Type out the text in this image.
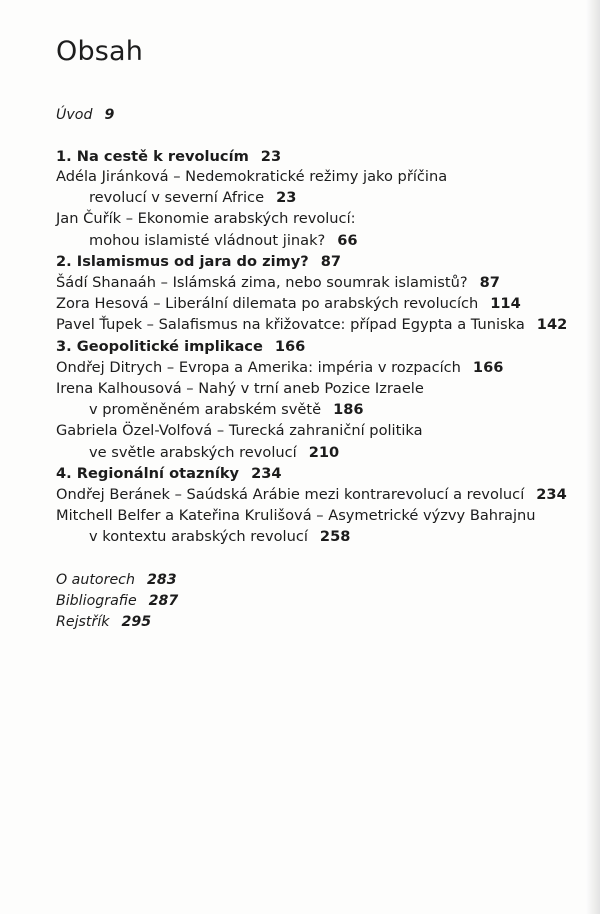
Obsah
Úvod 9
1. Na cestě k revolucím 23
Adéla Jiránková – Nedemokratické režimy jako příčina
revolucí v severní Africe 23
Jan Čuřík – Ekonomie arabských revolucí:
mohou islamisté vládnout jinak? 66
2. Islamismus od jara do zimy? 87
Šádí Shanaáh – Islámská zima, nebo soumrak islamistů? 87
Zora Hesová – Liberální dilemata po arabských revolucích 114
Pavel Ťupek – Salafismus na křižovatce: případ Egypta a Tuniska 142
3. Geopolitické implikace 166
Ondřej Ditrych – Evropa a Amerika: impéria v rozpacích 166
Irena Kalhousová – Nahý v trní aneb Pozice Izraele
v proměněném arabském světě 186
Gabriela Özel-Volfová – Turecká zahraniční politika
ve světle arabských revolucí 210
4. Regionální otazníky 234
Ondřej Beránek – Saúdská Arábie mezi kontrarevolucí a revolucí 234
Mitchell Belfer a Kateřina Krulišová – Asymetrické výzvy Bahrajnu
v kontextu arabských revolucí 258
O autorech 283
Bibliografie 287
Rejstřík 295
